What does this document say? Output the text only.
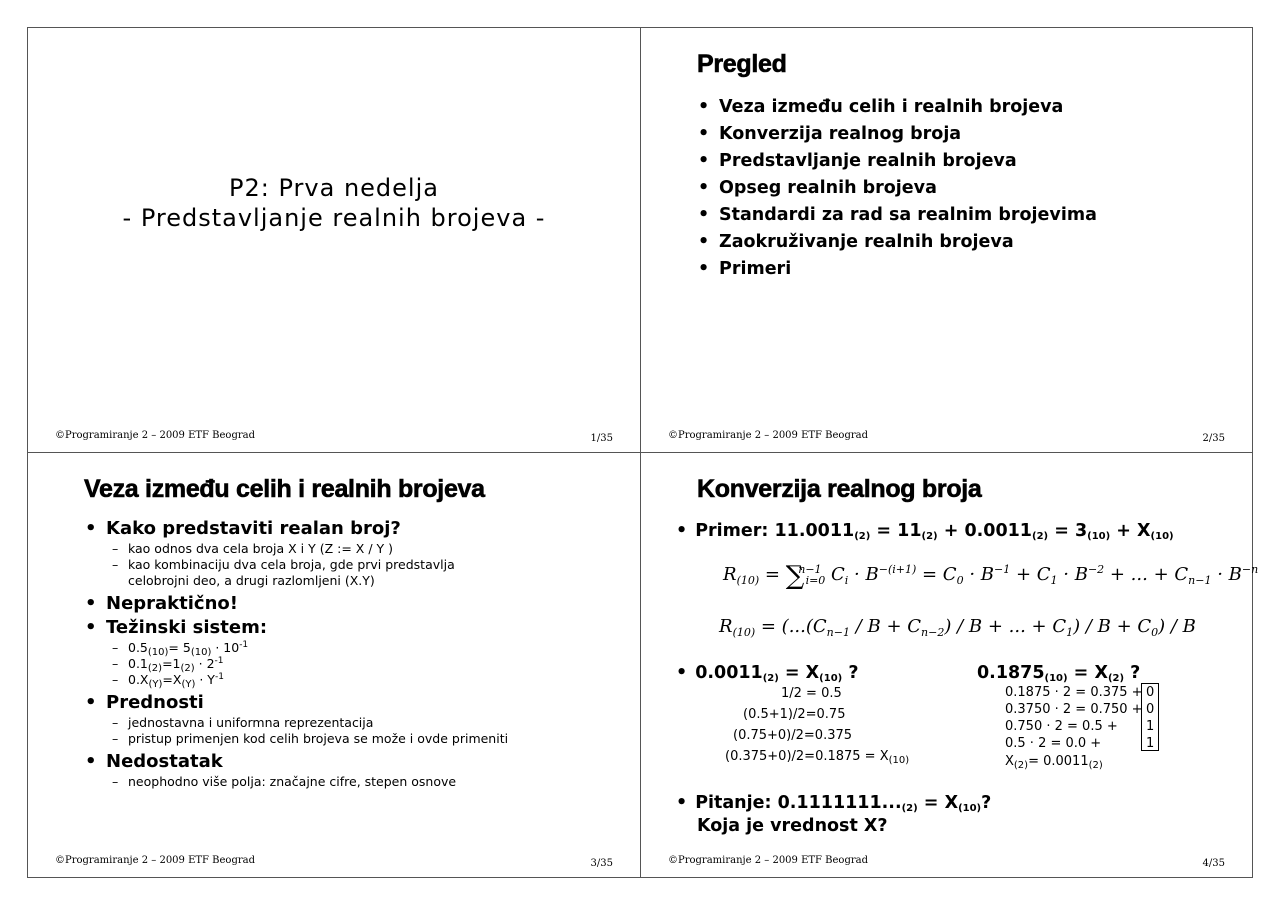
P2: Prva nedelja
- Predstavljanje realnih brojeva -
©Programiranje 2 – 2009 ETF Beograd	1/35
Pregled
• Veza između celih i realnih brojeva
• Konverzija realnog broja
• Predstavljanje realnih brojeva
• Opseg realnih brojeva
• Standardi za rad sa realnim brojevima
• Zaokruživanje realnih brojeva
• Primeri
©Programiranje 2 – 2009 ETF Beograd	2/35
Veza između celih i realnih brojeva
• Kako predstaviti realan broj?
– kao odnos dva cela broja X i Y (Z := X / Y )
– kao kombinaciju dva cela broja, gde prvi predstavlja
celobrojni deo, a drugi razlomljeni (X.Y)
• Nepraktično!
• Težinski sistem:
– $0.5_{(10)}= 5_{(10)} \cdot 10^{-1}$
– $0.1_{(2)}=1_{(2)} \cdot 2^{-1}$
– $0.X_{(Y)}=X_{(Y)} \cdot Y^{-1}$
• Prednosti
– jednostavna i uniformna reprezentacija
– pristup primenjen kod celih brojeva se može i ovde primeniti
• Nedostatak
– neophodno više polja: značajne cifre, stepen osnove
©Programiranje 2 – 2009 ETF Beograd	3/35
Konverzija realnog broja
• Primer: $11.0011_{(2)} = 11_{(2)} + 0.0011_{(2)} = 3_{(10)} + X_{(10)}$
$R_{(10)} = \sum^{n-1}_{i=0}$ $C_i \cdot B^{-(i+1)} = C_0 \cdot B^{-1} + C_1 \cdot B^{-2}$ + ... + $C_{n-1} \cdot B^{-n}$
$R_{(10)} = (...(C_{n-1} / B + C_{n-2}) / B$ + ... + $C_1) / B + C_0) / B$
• $0.0011_{(2)} = X_{(10)}$ ?	$0.1875_{(10)} = X_{(2)}$ ?
1/2 = 0.5
(0.5+1)/2=0.75
(0.75+0)/2=0.375
$(0.375+0)/2=0.1875 = X_{(10)}$
0.1875 · 2 = 0.375 + 0
0.3750 · 2 = 0.750 + 0
0.750 · 2 = 0.5 + 1
0.5 · 2 = 0.0 +	1
$X_{(2)}= 0.0011_{(2)}$
• Pitanje: $0.1111111..._{(2)} = X_{(10)}$?
Koja je vrednost X?
©Programiranje 2 – 2009 ETF Beograd	4/35
